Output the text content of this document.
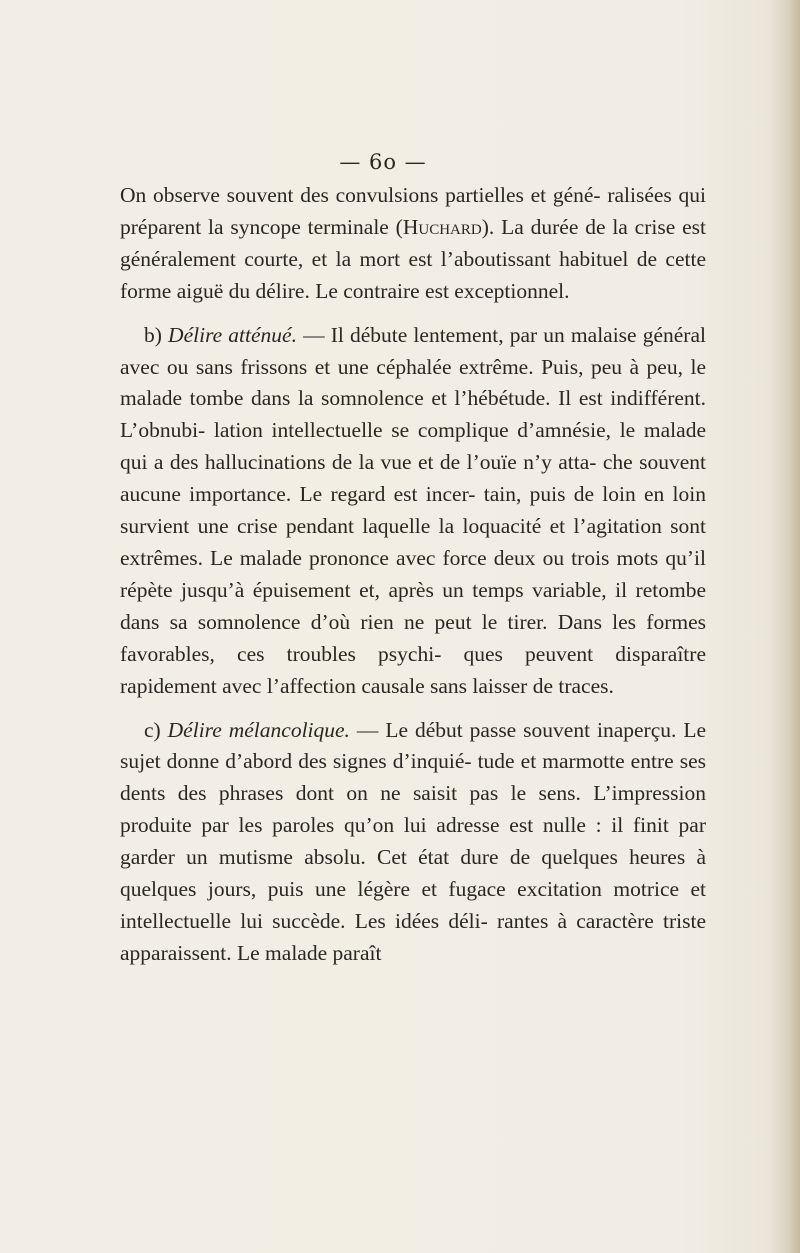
— 6o —

On observe souvent des convulsions partielles et géné- ralisées qui préparent la syncope terminale (Huchard). La durée de la crise est généralement courte, et la mort est l’aboutissant habituel de cette forme aiguë du délire. Le contraire est exceptionnel.

b) Délire atténué. — Il débute lentement, par un malaise général avec ou sans frissons et une céphalée extrême. Puis, peu à peu, le malade tombe dans la somnolence et l’hébétude. Il est indifférent. L’obnubi- lation intellectuelle se complique d’amnésie, le malade qui a des hallucinations de la vue et de l’ouïe n’y atta- che souvent aucune importance. Le regard est incer- tain, puis de loin en loin survient une crise pendant laquelle la loquacité et l’agitation sont extrêmes. Le malade prononce avec force deux ou trois mots qu’il répète jusqu’à épuisement et, après un temps variable, il retombe dans sa somnolence d’où rien ne peut le tirer. Dans les formes favorables, ces troubles psychi- ques peuvent disparaître rapidement avec l’affection causale sans laisser de traces.

c) Délire mélancolique. — Le début passe souvent inaperçu. Le sujet donne d’abord des signes d’inquié- tude et marmotte entre ses dents des phrases dont on ne saisit pas le sens. L’impression produite par les paroles qu’on lui adresse est nulle : il finit par garder un mutisme absolu. Cet état dure de quelques heures à quelques jours, puis une légère et fugace excitation motrice et intellectuelle lui succède. Les idées déli- rantes à caractère triste apparaissent. Le malade paraît
